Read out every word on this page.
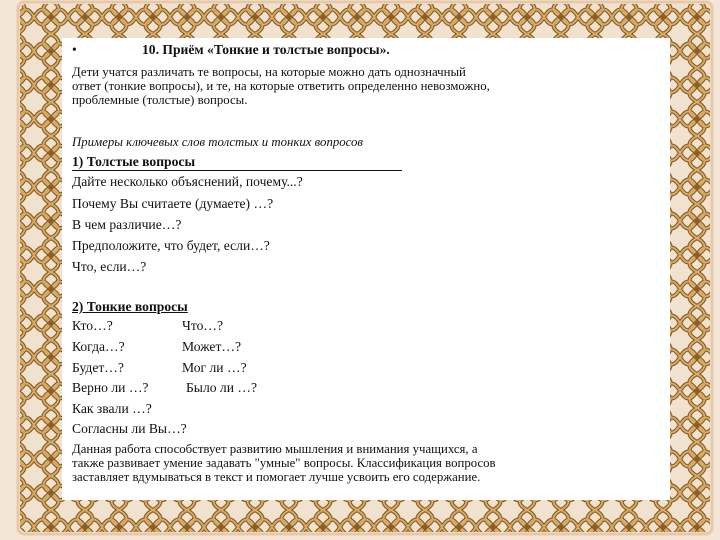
•	10. Приём «Тонкие и толстые вопросы».

Дети учатся различать те вопросы, на которые можно дать однозначный

ответ (тонкие вопросы), и те, на которые ответить определенно невозможно,

проблемные (толстые) вопросы.

Примеры ключевых слов толстых и тонких вопросов

1) Толстые вопросы

Дайте несколько объяснений, почему...?

Почему Вы считаете (думаете) …?

В чем различие…?

Предположите, что будет, если…?

Что, если…?

2) Тонкие вопросы

Кто…?	Что…?

Когда…?	Может…?

Будет…?	Мог ли …?

Верно ли …?	Было ли …?

Как звали …?

Согласны ли Вы…?

Данная работа способствует развитию мышления и внимания учащихся, а

также развивает умение задавать "умные" вопросы. Классификация вопросов

заставляет вдумываться в текст и помогает лучше усвоить его содержание.
